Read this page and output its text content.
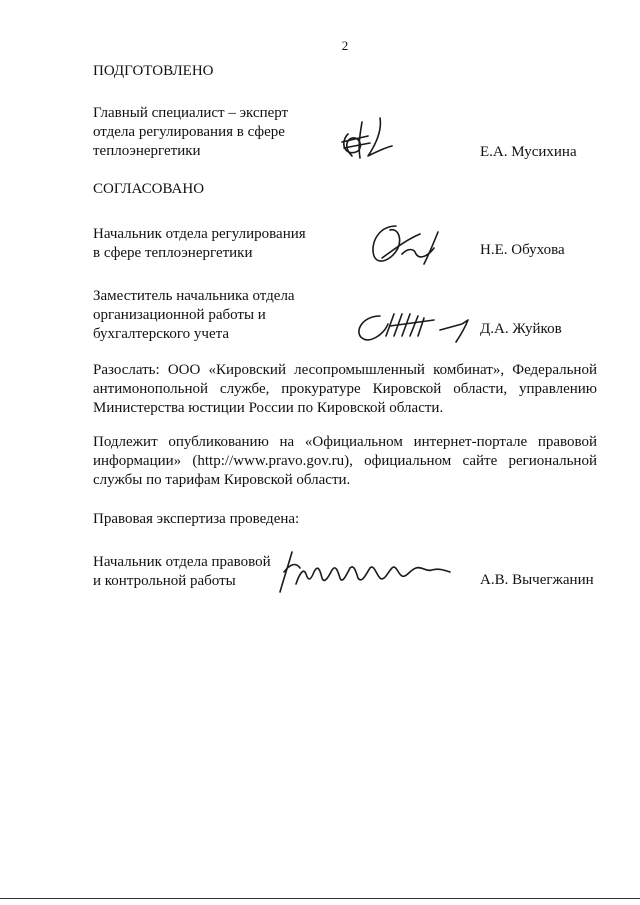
2
ПОДГОТОВЛЕНО
Главный специалист – эксперт
отдела регулирования в сфере
теплоэнергетики	Е.А. Мусихина
СОГЛАСОВАНО
Начальник отдела регулирования
в сфере теплоэнергетики	Н.Е. Обухова
Заместитель начальника отдела
организационной работы и
бухгалтерского учета	Д.А. Жуйков
Разослать: ООО «Кировский лесопромышленный комбинат», Федеральной
антимонопольной службе, прокуратуре Кировской области, управлению
Министерства юстиции России по Кировской области.
Подлежит опубликованию на «Официальном интернет-портале правовой
информации» (http://www.pravo.gov.ru), официальном сайте региональной
службы по тарифам Кировской области.
Правовая экспертиза проведена:
Начальник отдела правовой
и контрольной работы	А.В. Вычегжанин
